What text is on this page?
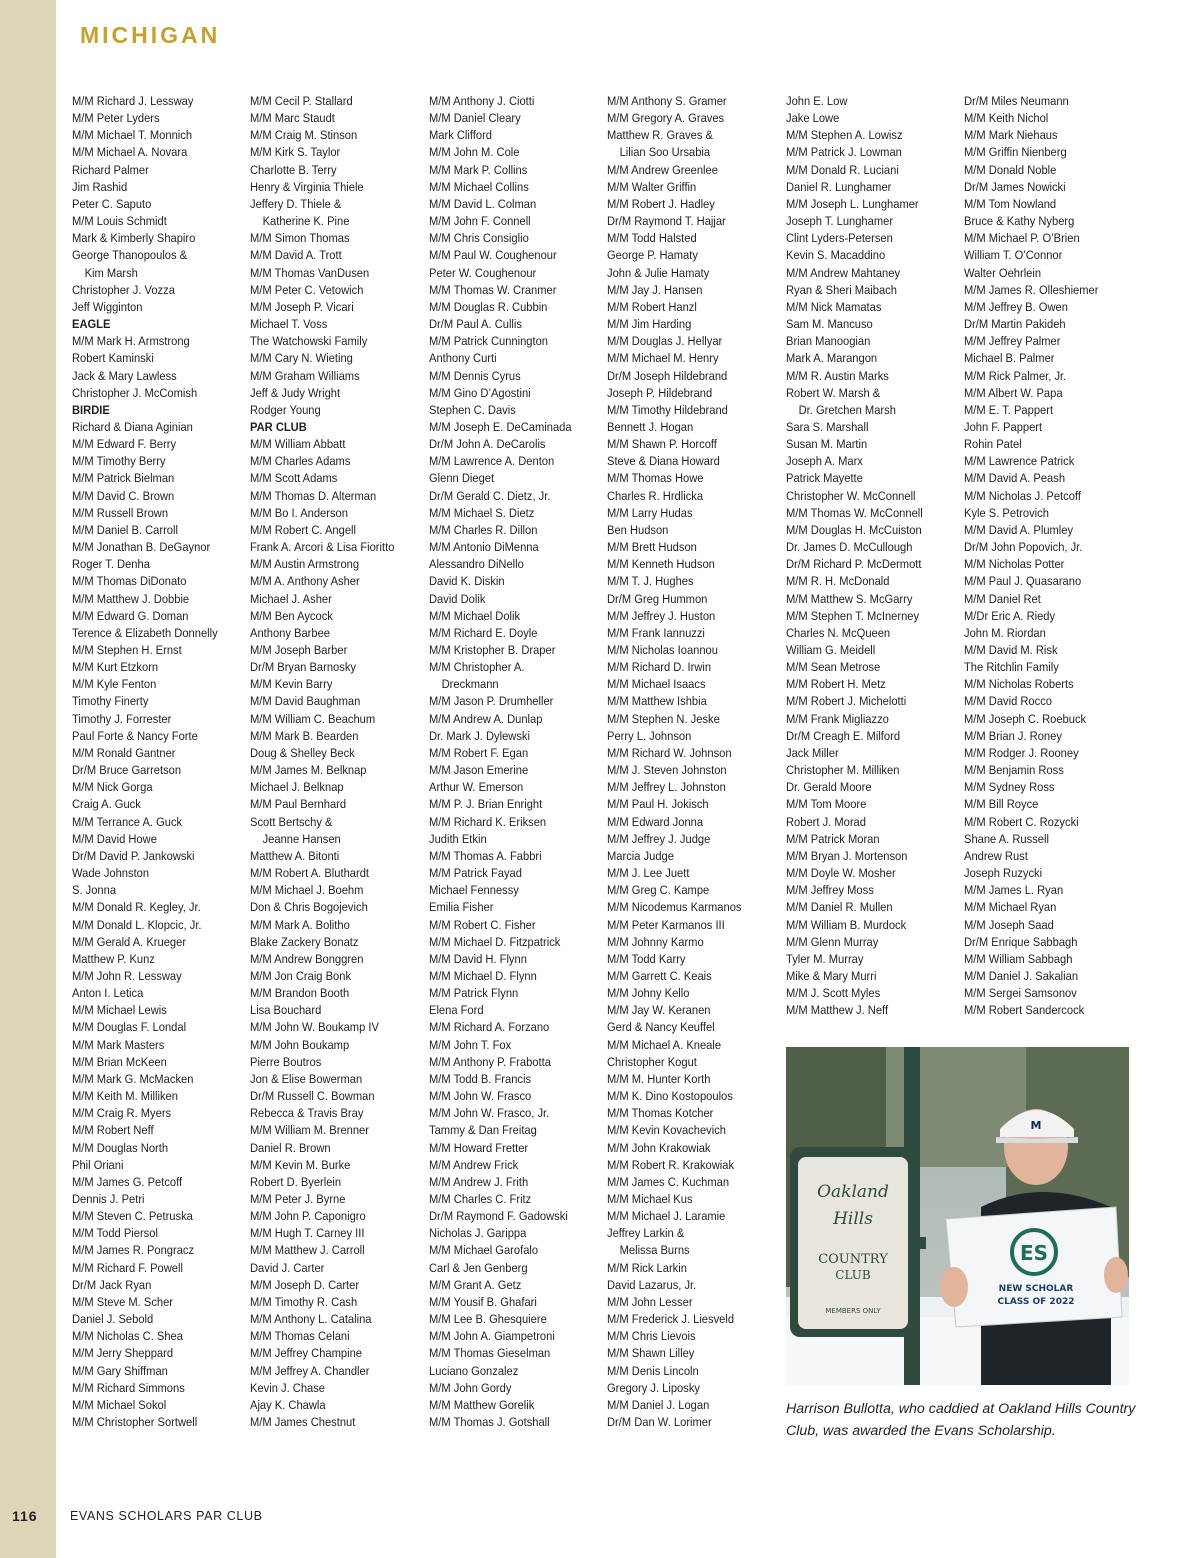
MICHIGAN
M/M Richard J. Lessway
M/M Peter Lyders
M/M Michael T. Monnich
M/M Michael A. Novara
Richard Palmer
Jim Rashid
Peter C. Saputo
M/M Louis Schmidt
Mark & Kimberly Shapiro
George Thanopoulos &
Kim Marsh
Christopher J. Vozza
Jeff Wigginton
EAGLE
M/M Mark H. Armstrong
Robert Kaminski
Jack & Mary Lawless
Christopher J. McComish
BIRDIE
Richard & Diana Aginian
M/M Edward F. Berry
M/M Timothy Berry
M/M Patrick Bielman
M/M David C. Brown
M/M Russell Brown
M/M Daniel B. Carroll
M/M Jonathan B. DeGaynor
Roger T. Denha
M/M Thomas DiDonato
M/M Matthew J. Dobbie
M/M Edward G. Doman
Terence & Elizabeth Donnelly
M/M Stephen H. Ernst
M/M Kurt Etzkorn
M/M Kyle Fenton
Timothy Finerty
Timothy J. Forrester
Paul Forte & Nancy Forte
M/M Ronald Gantner
Dr/M Bruce Garretson
M/M Nick Gorga
Craig A. Guck
M/M Terrance A. Guck
M/M David Howe
Dr/M David P. Jankowski
Wade Johnston
S. Jonna
M/M Donald R. Kegley, Jr.
M/M Donald L. Klopcic, Jr.
M/M Gerald A. Krueger
Matthew P. Kunz
M/M John R. Lessway
Anton I. Letica
M/M Michael Lewis
M/M Douglas F. Londal
M/M Mark Masters
M/M Brian McKeen
M/M Mark G. McMacken
M/M Keith M. Milliken
M/M Craig R. Myers
M/M Robert Neff
M/M Douglas North
Phil Oriani
M/M James G. Petcoff
Dennis J. Petri
M/M Steven C. Petruska
M/M Todd Piersol
M/M James R. Pongracz
M/M Richard F. Powell
Dr/M Jack Ryan
M/M Steve M. Scher
Daniel J. Sebold
M/M Nicholas C. Shea
M/M Jerry Sheppard
M/M Gary Shiffman
M/M Richard Simmons
M/M Michael Sokol
M/M Christopher Sortwell
M/M Cecil P. Stallard
M/M Marc Staudt
M/M Craig M. Stinson
M/M Kirk S. Taylor
Charlotte B. Terry
Henry & Virginia Thiele
Jeffery D. Thiele &
Katherine K. Pine
M/M Simon Thomas
M/M David A. Trott
M/M Thomas VanDusen
M/M Peter C. Vetowich
M/M Joseph P. Vicari
Michael T. Voss
The Watchowski Family
M/M Cary N. Wieting
M/M Graham Williams
Jeff & Judy Wright
Rodger Young
PAR CLUB
M/M William Abbatt
M/M Charles Adams
M/M Scott Adams
M/M Thomas D. Alterman
M/M Bo I. Anderson
M/M Robert C. Angell
Frank A. Arcori & Lisa Fioritto
M/M Austin Armstrong
M/M A. Anthony Asher
Michael J. Asher
M/M Ben Aycock
Anthony Barbee
M/M Joseph Barber
Dr/M Bryan Barnosky
M/M Kevin Barry
M/M David Baughman
M/M William C. Beachum
M/M Mark B. Bearden
Doug & Shelley Beck
M/M James M. Belknap
Michael J. Belknap
M/M Paul Bernhard
Scott Bertschy &
Jeanne Hansen
Matthew A. Bitonti
M/M Robert A. Bluthardt
M/M Michael J. Boehm
Don & Chris Bogojevich
M/M Mark A. Bolitho
Blake Zackery Bonatz
M/M Andrew Bonggren
M/M Jon Craig Bonk
M/M Brandon Booth
Lisa Bouchard
M/M John W. Boukamp IV
M/M John Boukamp
Pierre Boutros
Jon & Elise Bowerman
Dr/M Russell C. Bowman
Rebecca & Travis Bray
M/M William M. Brenner
Daniel R. Brown
M/M Kevin M. Burke
Robert D. Byerlein
M/M Peter J. Byrne
M/M John P. Caponigro
M/M Hugh T. Carney III
M/M Matthew J. Carroll
David J. Carter
M/M Joseph D. Carter
M/M Timothy R. Cash
M/M Anthony L. Catalina
M/M Thomas Celani
M/M Jeffrey Champine
M/M Jeffrey A. Chandler
Kevin J. Chase
Ajay K. Chawla
M/M James Chestnut
M/M Anthony J. Ciotti
M/M Daniel Cleary
Mark Clifford
M/M John M. Cole
M/M Mark P. Collins
M/M Michael Collins
M/M David L. Colman
M/M John F. Connell
M/M Chris Consiglio
M/M Paul W. Coughenour
Peter W. Coughenour
M/M Thomas W. Cranmer
M/M Douglas R. Cubbin
Dr/M Paul A. Cullis
M/M Patrick Cunnington
Anthony Curti
M/M Dennis Cyrus
M/M Gino D’Agostini
Stephen C. Davis
M/M Joseph E. DeCaminada
Dr/M John A. DeCarolis
M/M Lawrence A. Denton
Glenn Dieget
Dr/M Gerald C. Dietz, Jr.
M/M Michael S. Dietz
M/M Charles R. Dillon
M/M Antonio DiMenna
Alessandro DiNello
David K. Diskin
David Dolik
M/M Michael Dolik
M/M Richard E. Doyle
M/M Kristopher B. Draper
M/M Christopher A.
Dreckmann
M/M Jason P. Drumheller
M/M Andrew A. Dunlap
Dr. Mark J. Dylewski
M/M Robert F. Egan
M/M Jason Emerine
Arthur W. Emerson
M/M P. J. Brian Enright
M/M Richard K. Eriksen
Judith Etkin
M/M Thomas A. Fabbri
M/M Patrick Fayad
Michael Fennessy
Emilia Fisher
M/M Robert C. Fisher
M/M Michael D. Fitzpatrick
M/M David H. Flynn
M/M Michael D. Flynn
M/M Patrick Flynn
Elena Ford
M/M Richard A. Forzano
M/M John T. Fox
M/M Anthony P. Frabotta
M/M Todd B. Francis
M/M John W. Frasco
M/M John W. Frasco, Jr.
Tammy & Dan Freitag
M/M Howard Fretter
M/M Andrew Frick
M/M Andrew J. Frith
M/M Charles C. Fritz
Dr/M Raymond F. Gadowski
Nicholas J. Garippa
M/M Michael Garofalo
Carl & Jen Genberg
M/M Grant A. Getz
M/M Yousif B. Ghafari
M/M Lee B. Ghesquiere
M/M John A. Giampetroni
M/M Thomas Gieselman
Luciano Gonzalez
M/M John Gordy
M/M Matthew Gorelik
M/M Thomas J. Gotshall
M/M Anthony S. Gramer
M/M Gregory A. Graves
Matthew R. Graves &
Lilian Soo Ursabia
M/M Andrew Greenlee
M/M Walter Griffin
M/M Robert J. Hadley
Dr/M Raymond T. Hajjar
M/M Todd Halsted
George P. Hamaty
John & Julie Hamaty
M/M Jay J. Hansen
M/M Robert Hanzl
M/M Jim Harding
M/M Douglas J. Hellyar
M/M Michael M. Henry
Dr/M Joseph Hildebrand
Joseph P. Hildebrand
M/M Timothy Hildebrand
Bennett J. Hogan
M/M Shawn P. Horcoff
Steve & Diana Howard
M/M Thomas Howe
Charles R. Hrdlicka
M/M Larry Hudas
Ben Hudson
M/M Brett Hudson
M/M Kenneth Hudson
M/M T. J. Hughes
Dr/M Greg Hummon
M/M Jeffrey J. Huston
M/M Frank Iannuzzi
M/M Nicholas Ioannou
M/M Richard D. Irwin
M/M Michael Isaacs
M/M Matthew Ishbia
M/M Stephen N. Jeske
Perry L. Johnson
M/M Richard W. Johnson
M/M J. Steven Johnston
M/M Jeffrey L. Johnston
M/M Paul H. Jokisch
M/M Edward Jonna
M/M Jeffrey J. Judge
Marcia Judge
M/M J. Lee Juett
M/M Greg C. Kampe
M/M Nicodemus Karmanos
M/M Peter Karmanos III
M/M Johnny Karmo
M/M Todd Karry
M/M Garrett C. Keais
M/M Johny Kello
M/M Jay W. Keranen
Gerd & Nancy Keuffel
M/M Michael A. Kneale
Christopher Kogut
M/M M. Hunter Korth
M/M K. Dino Kostopoulos
M/M Thomas Kotcher
M/M Kevin Kovachevich
M/M John Krakowiak
M/M Robert R. Krakowiak
M/M James C. Kuchman
M/M Michael Kus
M/M Michael J. Laramie
Jeffrey Larkin &
Melissa Burns
M/M Rick Larkin
David Lazarus, Jr.
M/M John Lesser
M/M Frederick J. Liesveld
M/M Chris Lievois
M/M Shawn Lilley
M/M Denis Lincoln
Gregory J. Liposky
M/M Daniel J. Logan
Dr/M Dan W. Lorimer
John E. Low
Jake Lowe
M/M Stephen A. Lowisz
M/M Patrick J. Lowman
M/M Donald R. Luciani
Daniel R. Lunghamer
M/M Joseph L. Lunghamer
Joseph T. Lunghamer
Clint Lyders-Petersen
Kevin S. Macaddino
M/M Andrew Mahtaney
Ryan & Sheri Maibach
M/M Nick Mamatas
Sam M. Mancuso
Brian Manoogian
Mark A. Marangon
M/M R. Austin Marks
Robert W. Marsh &
Dr. Gretchen Marsh
Sara S. Marshall
Susan M. Martin
Joseph A. Marx
Patrick Mayette
Christopher W. McConnell
M/M Thomas W. McConnell
M/M Douglas H. McCuiston
Dr. James D. McCullough
Dr/M Richard P. McDermott
M/M R. H. McDonald
M/M Matthew S. McGarry
M/M Stephen T. McInerney
Charles N. McQueen
William G. Meidell
M/M Sean Metrose
M/M Robert H. Metz
M/M Robert J. Michelotti
M/M Frank Migliazzo
Dr/M Creagh E. Milford
Jack Miller
Christopher M. Milliken
Dr. Gerald Moore
M/M Tom Moore
Robert J. Morad
M/M Patrick Moran
M/M Bryan J. Mortenson
M/M Doyle W. Mosher
M/M Jeffrey Moss
M/M Daniel R. Mullen
M/M William B. Murdock
M/M Glenn Murray
Tyler M. Murray
Mike & Mary Murri
M/M J. Scott Myles
M/M Matthew J. Neff
Dr/M Miles Neumann
M/M Keith Nichol
M/M Mark Niehaus
M/M Griffin Nienberg
M/M Donald Noble
Dr/M James Nowicki
M/M Tom Nowland
Bruce & Kathy Nyberg
M/M Michael P. O’Brien
William T. O’Connor
Walter Oehrlein
M/M James R. Olleshiemer
M/M Jeffrey B. Owen
Dr/M Martin Pakideh
M/M Jeffrey Palmer
Michael B. Palmer
M/M Rick Palmer, Jr.
M/M Albert W. Papa
M/M E. T. Pappert
John F. Pappert
Rohin Patel
M/M Lawrence Patrick
M/M David A. Peash
M/M Nicholas J. Petcoff
Kyle S. Petrovich
M/M David A. Plumley
Dr/M John Popovich, Jr.
M/M Nicholas Potter
M/M Paul J. Quasarano
M/M Daniel Ret
M/Dr Eric A. Riedy
John M. Riordan
M/M David M. Risk
The Ritchlin Family
M/M Nicholas Roberts
M/M David Rocco
M/M Joseph C. Roebuck
M/M Brian J. Roney
M/M Rodger J. Rooney
M/M Benjamin Ross
M/M Sydney Ross
M/M Bill Royce
M/M Robert C. Rozycki
Shane A. Russell
Andrew Rust
Joseph Ruzycki
M/M James L. Ryan
M/M Michael Ryan
M/M Joseph Saad
Dr/M Enrique Sabbagh
M/M William Sabbagh
M/M Daniel J. Sakalian
M/M Sergei Samsonov
M/M Robert Sandercock
Oakland
Hills
COUNTRY
CLUB
MEMBERS ONLY
M
ES
NEW SCHOLAR
CLASS OF 2022
Harrison Bullotta, who caddied at Oakland Hills Country Club, was awarded the Evans Scholarship.
116	EVANS SCHOLARS PAR CLUB
